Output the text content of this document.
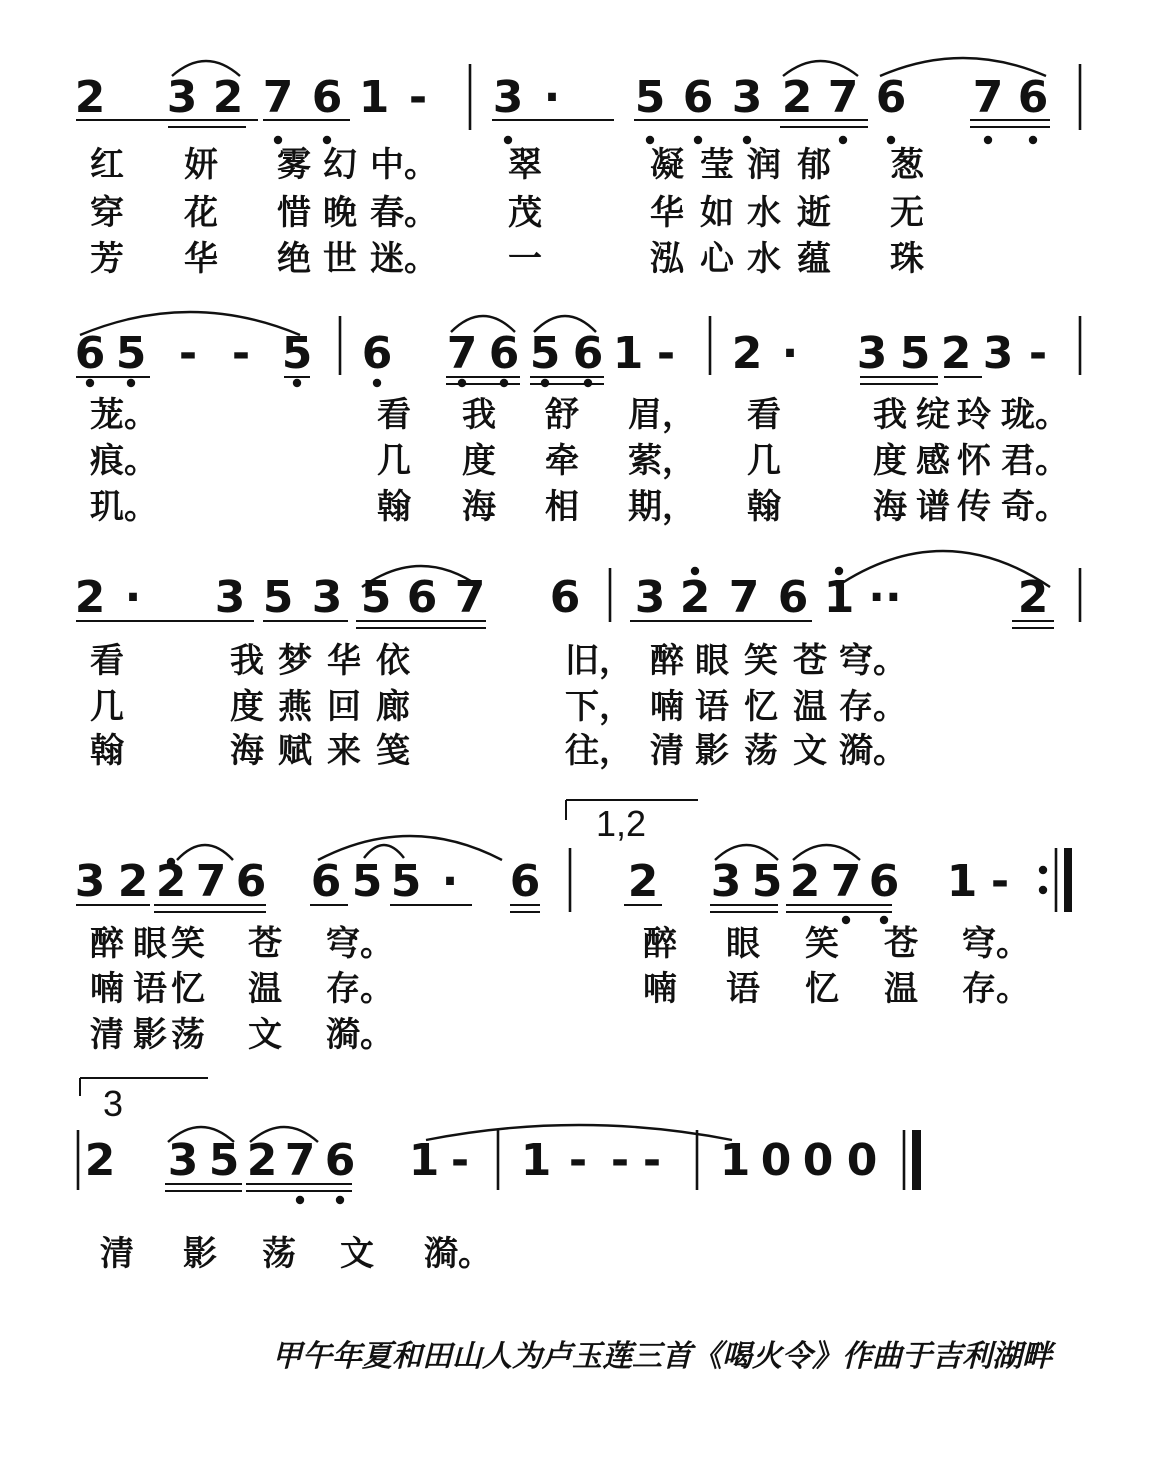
2 3 2 7 6 1 - 3 · 5 6 3 2 7 6 7 6
红 妍 雾 幻 中。 翠	凝 莹 润 郁 葱
穿 花 惜 晚 春。 茂	华 如 水 逝 无
芳 华 绝 世 迷。 一	泓 心 水 蕴 珠
6 5 - - 5 6 7 6 5 6 1 - 2 · 3 5 2 3 -
茏。	看 我 舒 眉， 看	我 绽 玲 珑。
痕。	几 度 牵 萦， 几	度 感 怀 君。
玑。	翰 海 相 期， 翰	海 谱 传 奇。
2 · 3 5 3 5 6 7 6 3 2 7 6 1 ··	2
看	我 梦 华 依	旧， 醉 眼 笑 苍 穹。
几	度 燕 回 廊	下， 喃 语 忆 温 存。
翰	海 赋 来 笺	往， 清 影 荡 文 漪。
3 2 2 7 6 6 5 5 · 6 2 3 5 2 7 6 1 -
醉 眼 笑 苍 穹。	醉 眼 笑 苍 穹。
喃 语 忆 温 存。	喃 语 忆 温 存。
清 影 荡 文 漪。
2 3 5 2 7 6 1 - 1 - - - 1 0 0 0
清 影 荡 文 漪。
1,2
3
甲午年夏和田山人为卢玉莲三首《喝火令》作曲于吉利湖畔
